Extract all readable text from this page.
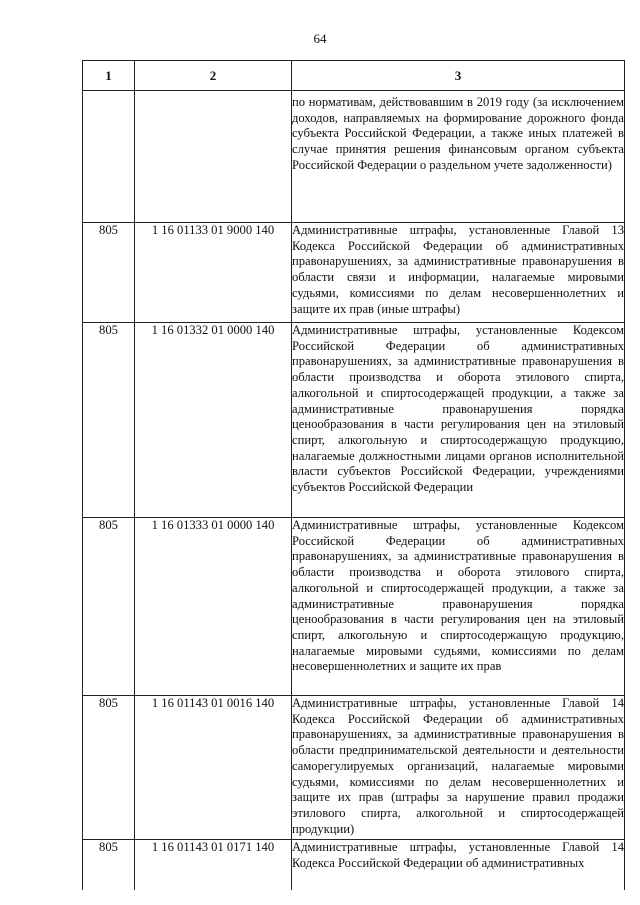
64
1	2	3
		по нормативам, действовавшим в 2019 году (за исключением доходов, направляемых на формирование дорожного фонда субъекта Российской Федерации, а также иных платежей в случае принятия решения финансовым органом субъекта Российской Федерации о раздельном учете задолженности)
805	1 16 01133 01 9000 140	Административные штрафы, установленные Главой 13 Кодекса Российской Федерации об административных правонарушениях, за административные правонарушения в области связи и информации, налагаемые мировыми судьями, комиссиями по делам несовершеннолетних и защите их прав (иные штрафы)
805	1 16 01332 01 0000 140	Административные штрафы, установленные Кодексом Российской Федерации об административных правонарушениях, за административные правонарушения в области производства и оборота этилового спирта, алкогольной и спиртосодержащей продукции, а также за административные правонарушения порядка ценообразования в части регулирования цен на этиловый спирт, алкогольную и спиртосодержащую продукцию, налагаемые должностными лицами органов исполнительной власти субъектов Российской Федерации, учреждениями субъектов Российской Федерации
805	1 16 01333 01 0000 140	Административные штрафы, установленные Кодексом Российской Федерации об административных правонарушениях, за административные правонарушения в области производства и оборота этилового спирта, алкогольной и спиртосодержащей продукции, а также за административные правонарушения порядка ценообразования в части регулирования цен на этиловый спирт, алкогольную и спиртосодержащую продукцию, налагаемые мировыми судьями, комиссиями по делам несовершеннолетних и защите их прав
805	1 16 01143 01 0016 140	Административные штрафы, установленные Главой 14 Кодекса Российской Федерации об административных правонарушениях, за административные правонарушения в области предпринимательской деятельности и деятельности саморегулируемых организаций, налагаемые мировыми судьями, комиссиями по делам несовершеннолетних и защите их прав (штрафы за нарушение правил продажи этилового спирта, алкогольной и спиртосодержащей продукции)
805	1 16 01143 01 0171 140	Административные штрафы, установленные Главой 14 Кодекса Российской Федерации об административных
